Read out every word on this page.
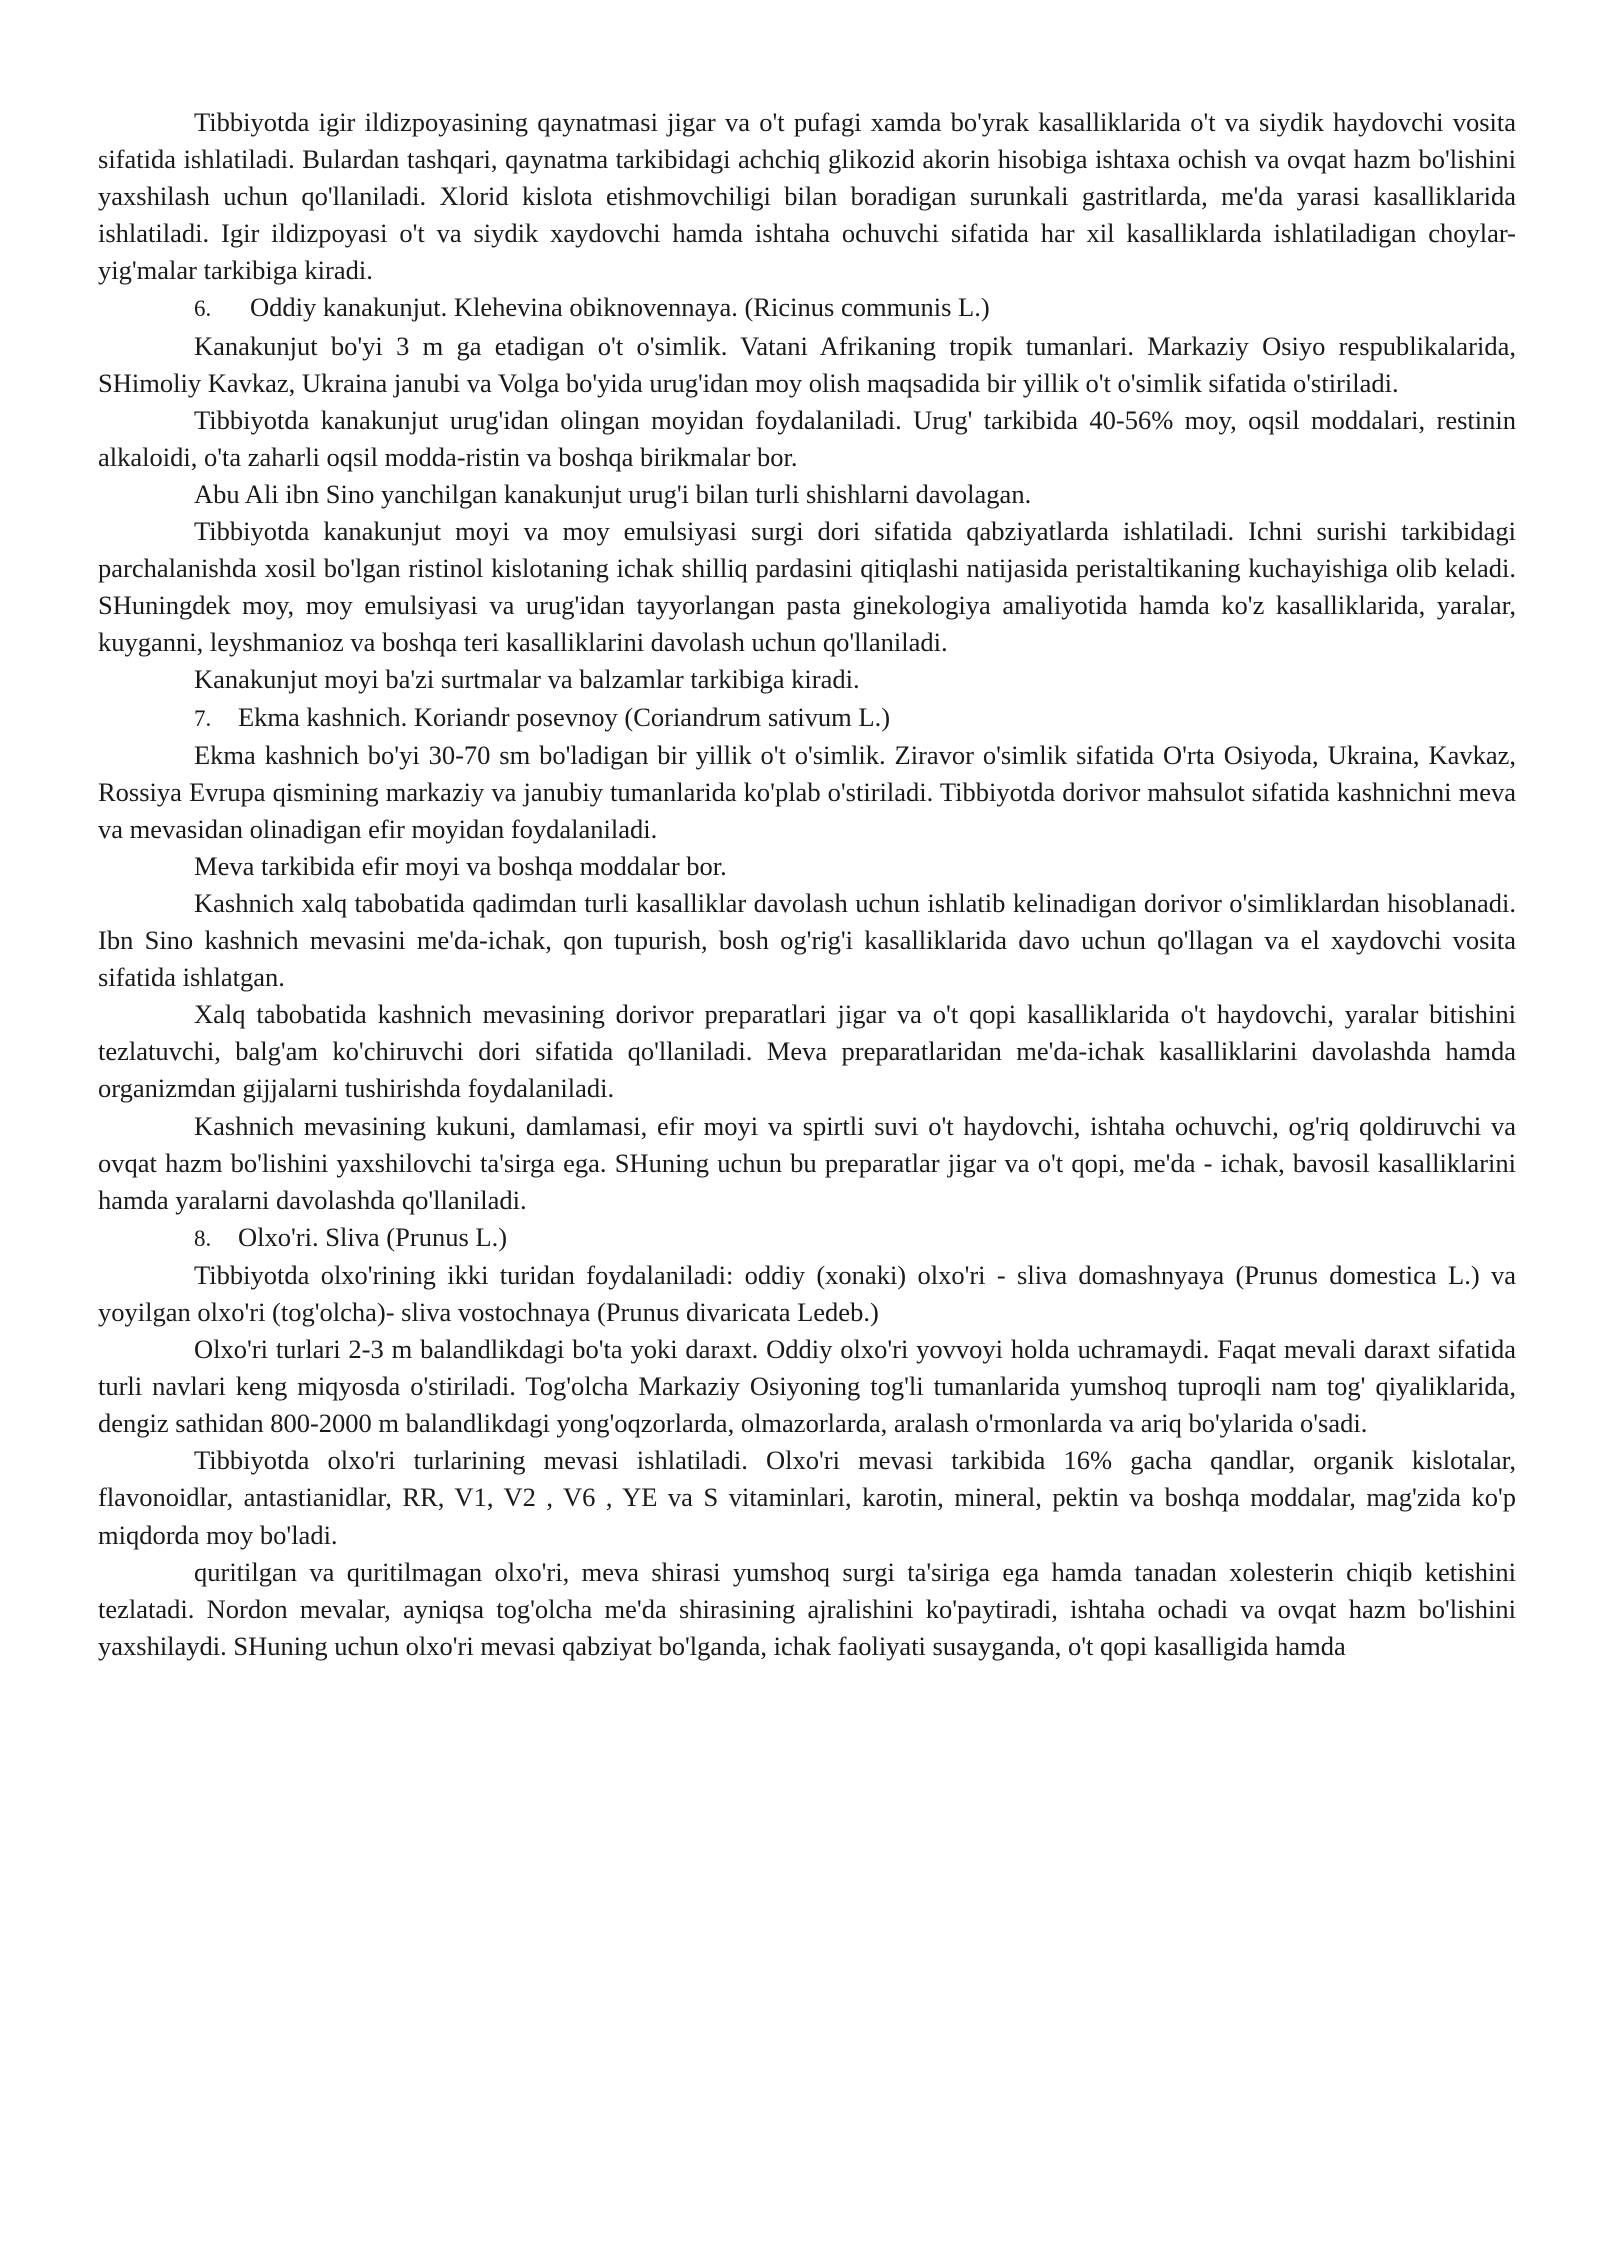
Tibbiyotda igir ildizpoyasining qaynatmasi jigar va o't pufagi xamda bo'yrak kasalliklarida o't va siydik haydovchi vosita sifatida ishlatiladi. Bulardan tashqari, qaynatma tarkibidagi achchiq glikozid akorin hisobiga ishtaxa ochish va ovqat hazm bo'lishini yaxshilash uchun qo'llaniladi. Xlorid kislota etishmovchiligi bilan boradigan surunkali gastritlarda, me'da yarasi kasalliklarida ishlatiladi. Igir ildizpoyasi o't va siydik xaydovchi hamda ishtaha ochuvchi sifatida har xil kasalliklarda ishlatiladigan choylar-yig'malar tarkibiga kiradi.

6. Oddiy kanakunjut. Klehevina obiknovennaya. (Ricinus communis L.)

Kanakunjut bo'yi 3 m ga etadigan o't o'simlik. Vatani Afrikaning tropik tumanlari. Markaziy Osiyo respublikalarida, SHimoliy Kavkaz, Ukraina janubi va Volga bo'yida urug'idan moy olish maqsadida bir yillik o't o'simlik sifatida o'stiriladi.

Tibbiyotda kanakunjut urug'idan olingan moyidan foydalaniladi. Urug' tarkibida 40-56% moy, oqsil moddalari, restinin alkaloidi, o'ta zaharli oqsil modda-ristin va boshqa birikmalar bor.

Abu Ali ibn Sino yanchilgan kanakunjut urug'i bilan turli shishlarni davolagan.

Tibbiyotda kanakunjut moyi va moy emulsiyasi surgi dori sifatida qabziyatlarda ishlatiladi. Ichni surishi tarkibidagi parchalanishda xosil bo'lgan ristinol kislotaning ichak shilliq pardasini qitiqlashi natijasida peristaltikaning kuchayishiga olib keladi. SHuningdek moy, moy emulsiyasi va urug'idan tayyorlangan pasta ginekologiya amaliyotida hamda ko'z kasalliklarida, yaralar, kuyganni, leyshmanioz va boshqa teri kasalliklarini davolash uchun qo'llaniladi.

Kanakunjut moyi ba'zi surtmalar va balzamlar tarkibiga kiradi.

7. Ekma kashnich. Koriandr posevnoy (Coriandrum sativum L.)

Ekma kashnich bo'yi 30-70 sm bo'ladigan bir yillik o't o'simlik. Ziravor o'simlik sifatida O'rta Osiyoda, Ukraina, Kavkaz, Rossiya Evrupa qismining markaziy va janubiy tumanlarida ko'plab o'stiriladi. Tibbiyotda dorivor mahsulot sifatida kashnichni meva va mevasidan olinadigan efir moyidan foydalaniladi.

Meva tarkibida efir moyi va boshqa moddalar bor.

Kashnich xalq tabobatida qadimdan turli kasalliklar davolash uchun ishlatib kelinadigan dorivor o'simliklardan hisoblanadi. Ibn Sino kashnich mevasini me'da-ichak, qon tupurish, bosh og'rig'i kasalliklarida davo uchun qo'llagan va el xaydovchi vosita sifatida ishlatgan.

Xalq tabobatida kashnich mevasining dorivor preparatlari jigar va o't qopi kasalliklarida o't haydovchi, yaralar bitishini tezlatuvchi, balg'am ko'chiruvchi dori sifatida qo'llaniladi. Meva preparatlaridan me'da-ichak kasalliklarini davolashda hamda organizmdan gijjalarni tushirishda foydalaniladi.

Kashnich mevasining kukuni, damlamasi, efir moyi va spirtli suvi o't haydovchi, ishtaha ochuvchi, og'riq qoldiruvchi va ovqat hazm bo'lishini yaxshilovchi ta'sirga ega. SHuning uchun bu preparatlar jigar va o't qopi, me'da - ichak, bavosil kasalliklarini hamda yaralarni davolashda qo'llaniladi.

8. Olxo'ri. Sliva (Prunus L.)

Tibbiyotda olxo'rining ikki turidan foydalaniladi: oddiy (xonaki) olxo'ri - sliva domashnyaya (Prunus domestica L.) va yoyilgan olxo'ri (tog'olcha)- sliva vostochnaya (Prunus divaricata Ledeb.)

Olxo'ri turlari 2-3 m balandlikdagi bo'ta yoki daraxt. Oddiy olxo'ri yovvoyi holda uchramaydi. Faqat mevali daraxt sifatida turli navlari keng miqyosda o'stiriladi. Tog'olcha Markaziy Osiyoning tog'li tumanlarida yumshoq tuproqli nam tog' qiyaliklarida, dengiz sathidan 800-2000 m balandlikdagi yong'oqzorlarda, olmazorlarda, aralash o'rmonlarda va ariq bo'ylarida o'sadi.

Tibbiyotda olxo'ri turlarining mevasi ishlatiladi. Olxo'ri mevasi tarkibida 16% gacha qandlar, organik kislotalar, flavonoidlar, antastianidlar, RR, V1, V2 , V6 , YE va S vitaminlari, karotin, mineral, pektin va boshqa moddalar, mag'zida ko'p miqdorda moy bo'ladi.

quritilgan va quritilmagan olxo'ri, meva shirasi yumshoq surgi ta'siriga ega hamda tanadan xolesterin chiqib ketishini tezlatadi. Nordon mevalar, ayniqsa tog'olcha me'da shirasining ajralishini ko'paytiradi, ishtaha ochadi va ovqat hazm bo'lishini yaxshilaydi. SHuning uchun olxo'ri mevasi qabziyat bo'lganda, ichak faoliyati susayganda, o't qopi kasalligida hamda
